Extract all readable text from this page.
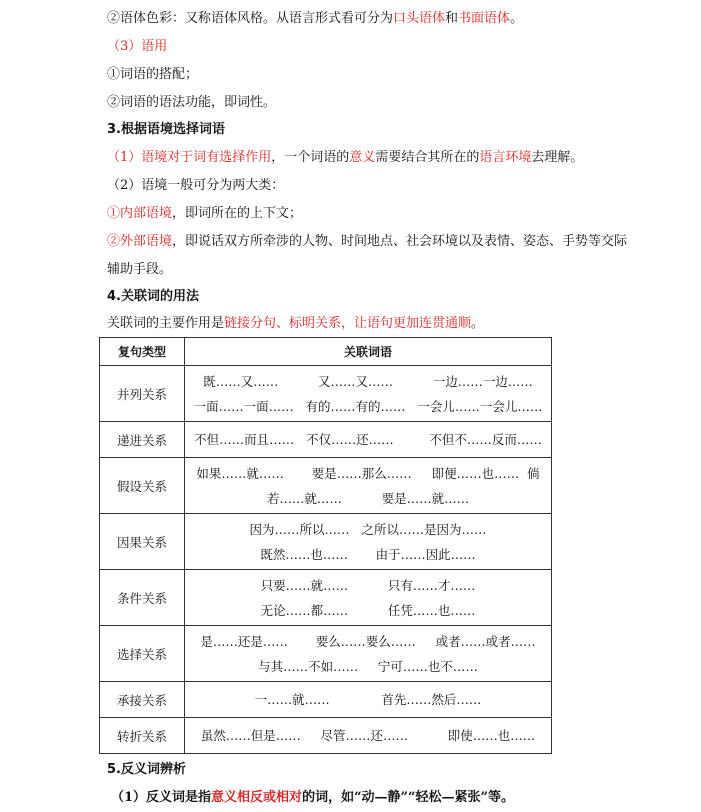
②语体色彩：又称语体风格。从语言形式看可分为口头语体和书面语体。
（3）语用
①词语的搭配；
②词语的语法功能，即词性。
3.根据语境选择词语
（1）语境对于词有选择作用，一个词语的意义需要结合其所在的语言环境去理解。
（2）语境一般可分为两大类：
①内部语境，即词所在的上下文；
②外部语境，即说话双方所牵涉的人物、时间地点、社会环境以及表情、姿态、手势等交际
辅助手段。
4.关联词的用法
关联词的主要作用是链接分句、标明关系，让语句更加连贯通顺。
复句类型	关联词语
并列关系	既……又……          又……又……          一边……一边……
一面……一面……   有的……有的……   一会儿……一会儿……

递进关系	不但……而且……   不仅……还……         不但不……反而……

假设关系	如果……就……       要是……那么……     即便……也……  倘
若……就……          要是……就……

因果关系	因为……所以……   之所以……是因为……
既然……也……       由于……因此……

条件关系	只要……就……          只有……才……
无论……都……          任凭……也……

选择关系	是……还是……       要么……要么……     或者……或者……
与其……不如……     宁可……也不……

承接关系	一……就……             首先……然后……

转折关系	虽然……但是……     尽管……还……          即使……也……
5.反义词辨析
（1）反义词是指意义相反或相对的词，如“动—静”“轻松—紧张”等。
